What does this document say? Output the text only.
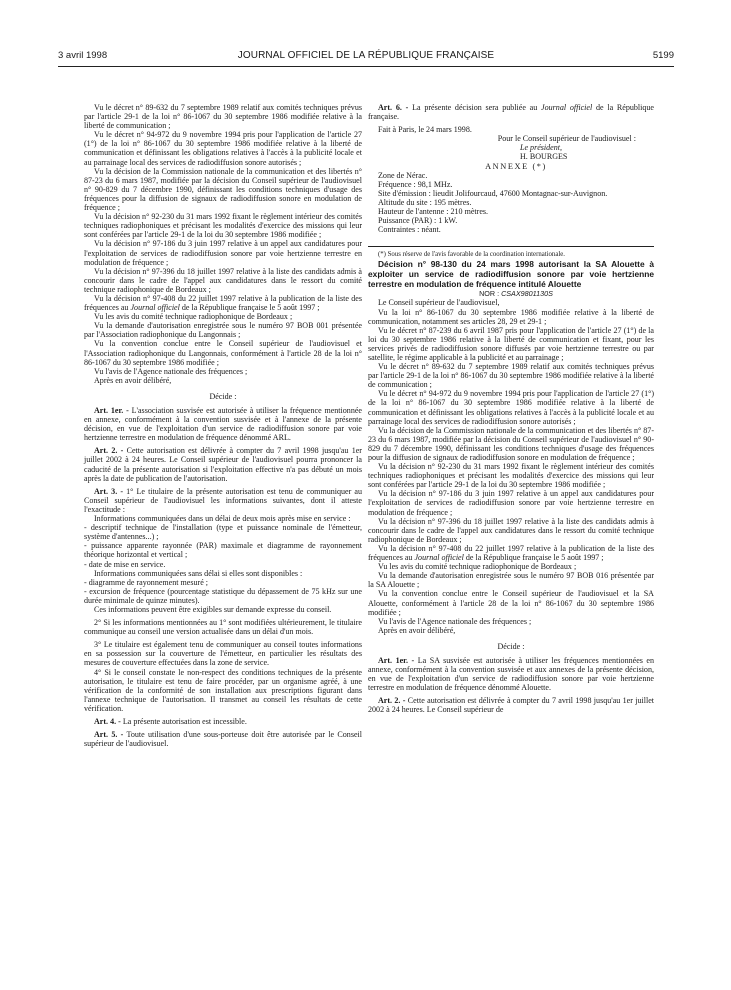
3 avril 1998	JOURNAL OFFICIEL DE LA RÉPUBLIQUE FRANÇAISE	5199

Vu le décret n° 89-632 du 7 septembre 1989 relatif aux comités techniques prévus par l'article 29-1 de la loi n° 86-1067 du 30 septembre 1986 modifiée relative à la liberté de communication ;

Vu le décret n° 94-972 du 9 novembre 1994 pris pour l'application de l'article 27 (1°) de la loi n° 86-1067 du 30 septembre 1986 modifiée relative à la liberté de communication et définissant les obligations relatives à l'accès à la publicité locale et au parrainage local des services de radiodiffusion sonore autorisés ;

Vu la décision de la Commission nationale de la communication et des libertés n° 87-23 du 6 mars 1987, modifiée par la décision du Conseil supérieur de l'audiovisuel n° 90-829 du 7 décembre 1990, définissant les conditions techniques d'usage des fréquences pour la diffusion de signaux de radiodiffusion sonore en modulation de fréquence ;

Vu la décision n° 92-230 du 31 mars 1992 fixant le règlement intérieur des comités techniques radiophoniques et précisant les modalités d'exercice des missions qui leur sont conférées par l'article 29-1 de la loi du 30 septembre 1986 modifiée ;

Vu la décision n° 97-186 du 3 juin 1997 relative à un appel aux candidatures pour l'exploitation de services de radiodiffusion sonore par voie hertzienne terrestre en modulation de fréquence ;

Vu la décision n° 97-396 du 18 juillet 1997 relative à la liste des candidats admis à concourir dans le cadre de l'appel aux candidatures dans le ressort du comité technique radiophonique de Bordeaux ;

Vu la décision n° 97-408 du 22 juillet 1997 relative à la publication de la liste des fréquences au Journal officiel de la République française le 5 août 1997 ;

Vu les avis du comité technique radiophonique de Bordeaux ;

Vu la demande d'autorisation enregistrée sous le numéro 97 BOB 001 présentée par l'Association radiophonique du Langonnais ;

Vu la convention conclue entre le Conseil supérieur de l'audiovisuel et l'Association radiophonique du Langonnais, conformément à l'article 28 de la loi n° 86-1067 du 30 septembre 1986 modifiée ;

Vu l'avis de l'Agence nationale des fréquences ;

Après en avoir délibéré,

Décide :

Art. 1er. - L'association susvisée est autorisée à utiliser la fréquence mentionnée en annexe, conformément à la convention susvisée et à l'annexe de la présente décision, en vue de l'exploitation d'un service de radiodiffusion sonore par voie hertzienne terrestre en modulation de fréquence dénommé ARL.

Art. 2. - Cette autorisation est délivrée à compter du 7 avril 1998 jusqu'au 1er juillet 2002 à 24 heures. Le Conseil supérieur de l'audiovisuel pourra prononcer la caducité de la présente autorisation si l'exploitation effective n'a pas débuté un mois après la date de publication de l'autorisation.

Art. 3. - 1° Le titulaire de la présente autorisation est tenu de communiquer au Conseil supérieur de l'audiovisuel les informations suivantes, dont il atteste l'exactitude :

Informations communiquées dans un délai de deux mois après mise en service :

- descriptif technique de l'installation (type et puissance nominale de l'émetteur, système d'antennes...) ;

- puissance apparente rayonnée (PAR) maximale et diagramme de rayonnement théorique horizontal et vertical ;

- date de mise en service.

Informations communiquées sans délai si elles sont disponibles :

- diagramme de rayonnement mesuré ;

- excursion de fréquence (pourcentage statistique du dépassement de 75 kHz sur une durée minimale de quinze minutes).

Ces informations peuvent être exigibles sur demande expresse du conseil.

2° Si les informations mentionnées au 1° sont modifiées ultérieurement, le titulaire communique au conseil une version actualisée dans un délai d'un mois.

3° Le titulaire est également tenu de communiquer au conseil toutes informations en sa possession sur la couverture de l'émetteur, en particulier les résultats des mesures de couverture effectuées dans la zone de service.

4° Si le conseil constate le non-respect des conditions techniques de la présente autorisation, le titulaire est tenu de faire procéder, par un organisme agréé, à une vérification de la conformité de son installation aux prescriptions figurant dans l'annexe technique de l'autorisation. Il transmet au conseil les résultats de cette vérification.

Art. 4. - La présente autorisation est incessible.

Art. 5. - Toute utilisation d'une sous-porteuse doit être autorisée par le Conseil supérieur de l'audiovisuel.

Art. 6. - La présente décision sera publiée au Journal officiel de la République française.

Fait à Paris, le 24 mars 1998.

Pour le Conseil supérieur de l'audiovisuel :

Le président,

H. BOURGES

ANNEXE (*)

Zone de Nérac.

Fréquence : 98,1 MHz.

Site d'émission : lieudit Jolifourcaud, 47600 Montagnac-sur-Auvignon.

Altitude du site : 195 mètres.

Hauteur de l'antenne : 210 mètres.

Puissance (PAR) : 1 kW.

Contraintes : néant.

(*) Sous réserve de l'avis favorable de la coordination internationale.

Décision n° 98-130 du 24 mars 1998 autorisant la SA Alouette à exploiter un service de radiodiffusion sonore par voie hertzienne terrestre en modulation de fréquence intitulé Alouette

NOR : CSAX9801130S

Le Conseil supérieur de l'audiovisuel,

Vu la loi n° 86-1067 du 30 septembre 1986 modifiée relative à la liberté de communication, notamment ses articles 28, 29 et 29-1 ;

Vu le décret n° 87-239 du 6 avril 1987 pris pour l'application de l'article 27 (1°) de la loi du 30 septembre 1986 relative à la liberté de communication et fixant, pour les services privés de radiodiffusion sonore diffusés par voie hertzienne terrestre ou par satellite, le régime applicable à la publicité et au parrainage ;

Vu le décret n° 89-632 du 7 septembre 1989 relatif aux comités techniques prévus par l'article 29-1 de la loi n° 86-1067 du 30 septembre 1986 modifiée relative à la liberté de communication ;

Vu le décret n° 94-972 du 9 novembre 1994 pris pour l'application de l'article 27 (1°) de la loi n° 86-1067 du 30 septembre 1986 modifiée relative à la liberté de communication et définissant les obligations relatives à l'accès à la publicité locale et au parrainage local des services de radiodiffusion sonore autorisés ;

Vu la décision de la Commission nationale de la communication et des libertés n° 87-23 du 6 mars 1987, modifiée par la décision du Conseil supérieur de l'audiovisuel n° 90-829 du 7 décembre 1990, définissant les conditions techniques d'usage des fréquences pour la diffusion de signaux de radiodiffusion sonore en modulation de fréquence ;

Vu la décision n° 92-230 du 31 mars 1992 fixant le règlement intérieur des comités techniques radiophoniques et précisant les modalités d'exercice des missions qui leur sont conférées par l'article 29-1 de la loi du 30 septembre 1986 modifiée ;

Vu la décision n° 97-186 du 3 juin 1997 relative à un appel aux candidatures pour l'exploitation de services de radiodiffusion sonore par voie hertzienne terrestre en modulation de fréquence ;

Vu la décision n° 97-396 du 18 juillet 1997 relative à la liste des candidats admis à concourir dans le cadre de l'appel aux candidatures dans le ressort du comité technique radiophonique de Bordeaux ;

Vu la décision n° 97-408 du 22 juillet 1997 relative à la publication de la liste des fréquences au Journal officiel de la République française le 5 août 1997 ;

Vu les avis du comité technique radiophonique de Bordeaux ;

Vu la demande d'autorisation enregistrée sous le numéro 97 BOB 016 présentée par la SA Alouette ;

Vu la convention conclue entre le Conseil supérieur de l'audiovisuel et la SA Alouette, conformément à l'article 28 de la loi n° 86-1067 du 30 septembre 1986 modifiée ;

Vu l'avis de l'Agence nationale des fréquences ;

Après en avoir délibéré,

Décide :

Art. 1er. - La SA susvisée est autorisée à utiliser les fréquences mentionnées en annexe, conformément à la convention susvisée et aux annexes de la présente décision, en vue de l'exploitation d'un service de radiodiffusion sonore par voie hertzienne terrestre en modulation de fréquence dénommé Alouette.

Art. 2. - Cette autorisation est délivrée à compter du 7 avril 1998 jusqu'au 1er juillet 2002 à 24 heures. Le Conseil supérieur de
